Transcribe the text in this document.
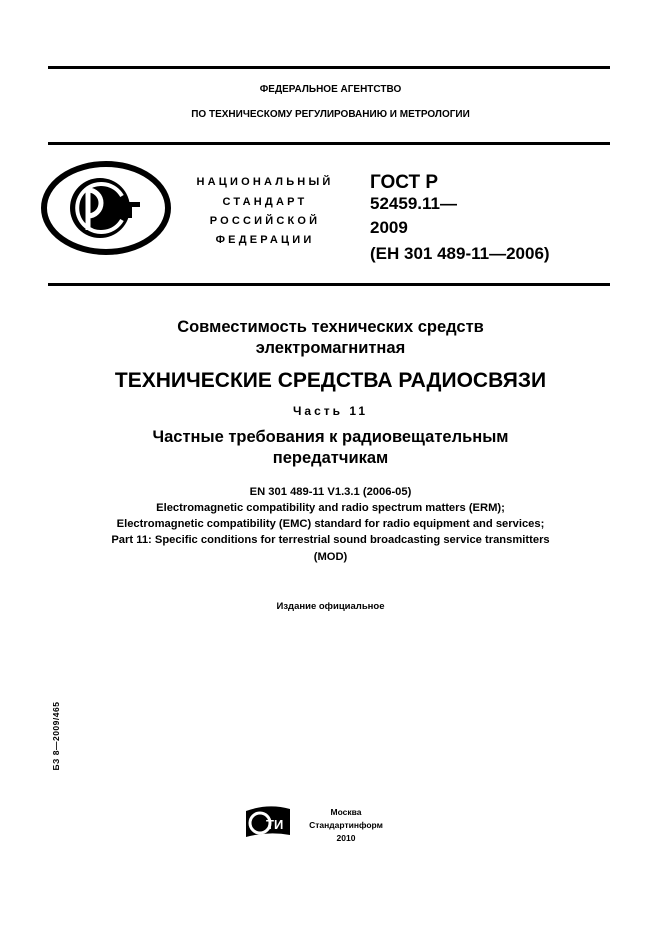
ФЕДЕРАЛЬНОЕ АГЕНТСТВО
ПО ТЕХНИЧЕСКОМУ РЕГУЛИРОВАНИЮ И МЕТРОЛОГИИ
НАЦИОНАЛЬНЫЙ
СТАНДАРТ
РОССИЙСКОЙ
ФЕДЕРАЦИИ
ГОСТ Р
52459.11—
2009
(ЕН 301 489-11—2006)
Совместимость технических средств
электромагнитная
ТЕХНИЧЕСКИЕ СРЕДСТВА РАДИОСВЯЗИ
Часть 11
Частные требования к радиовещательным
передатчикам
EN 301 489-11 V1.3.1 (2006-05)
Electromagnetic compatibility and radio spectrum matters (ERM);
Electromagnetic compatibility (EMC) standard for radio equipment and services;
Part 11: Specific conditions for terrestrial sound broadcasting service transmitters
(MOD)
Издание официальное
БЗ 8—2009/465
ТИ
Москва
Стандартинформ
2010
